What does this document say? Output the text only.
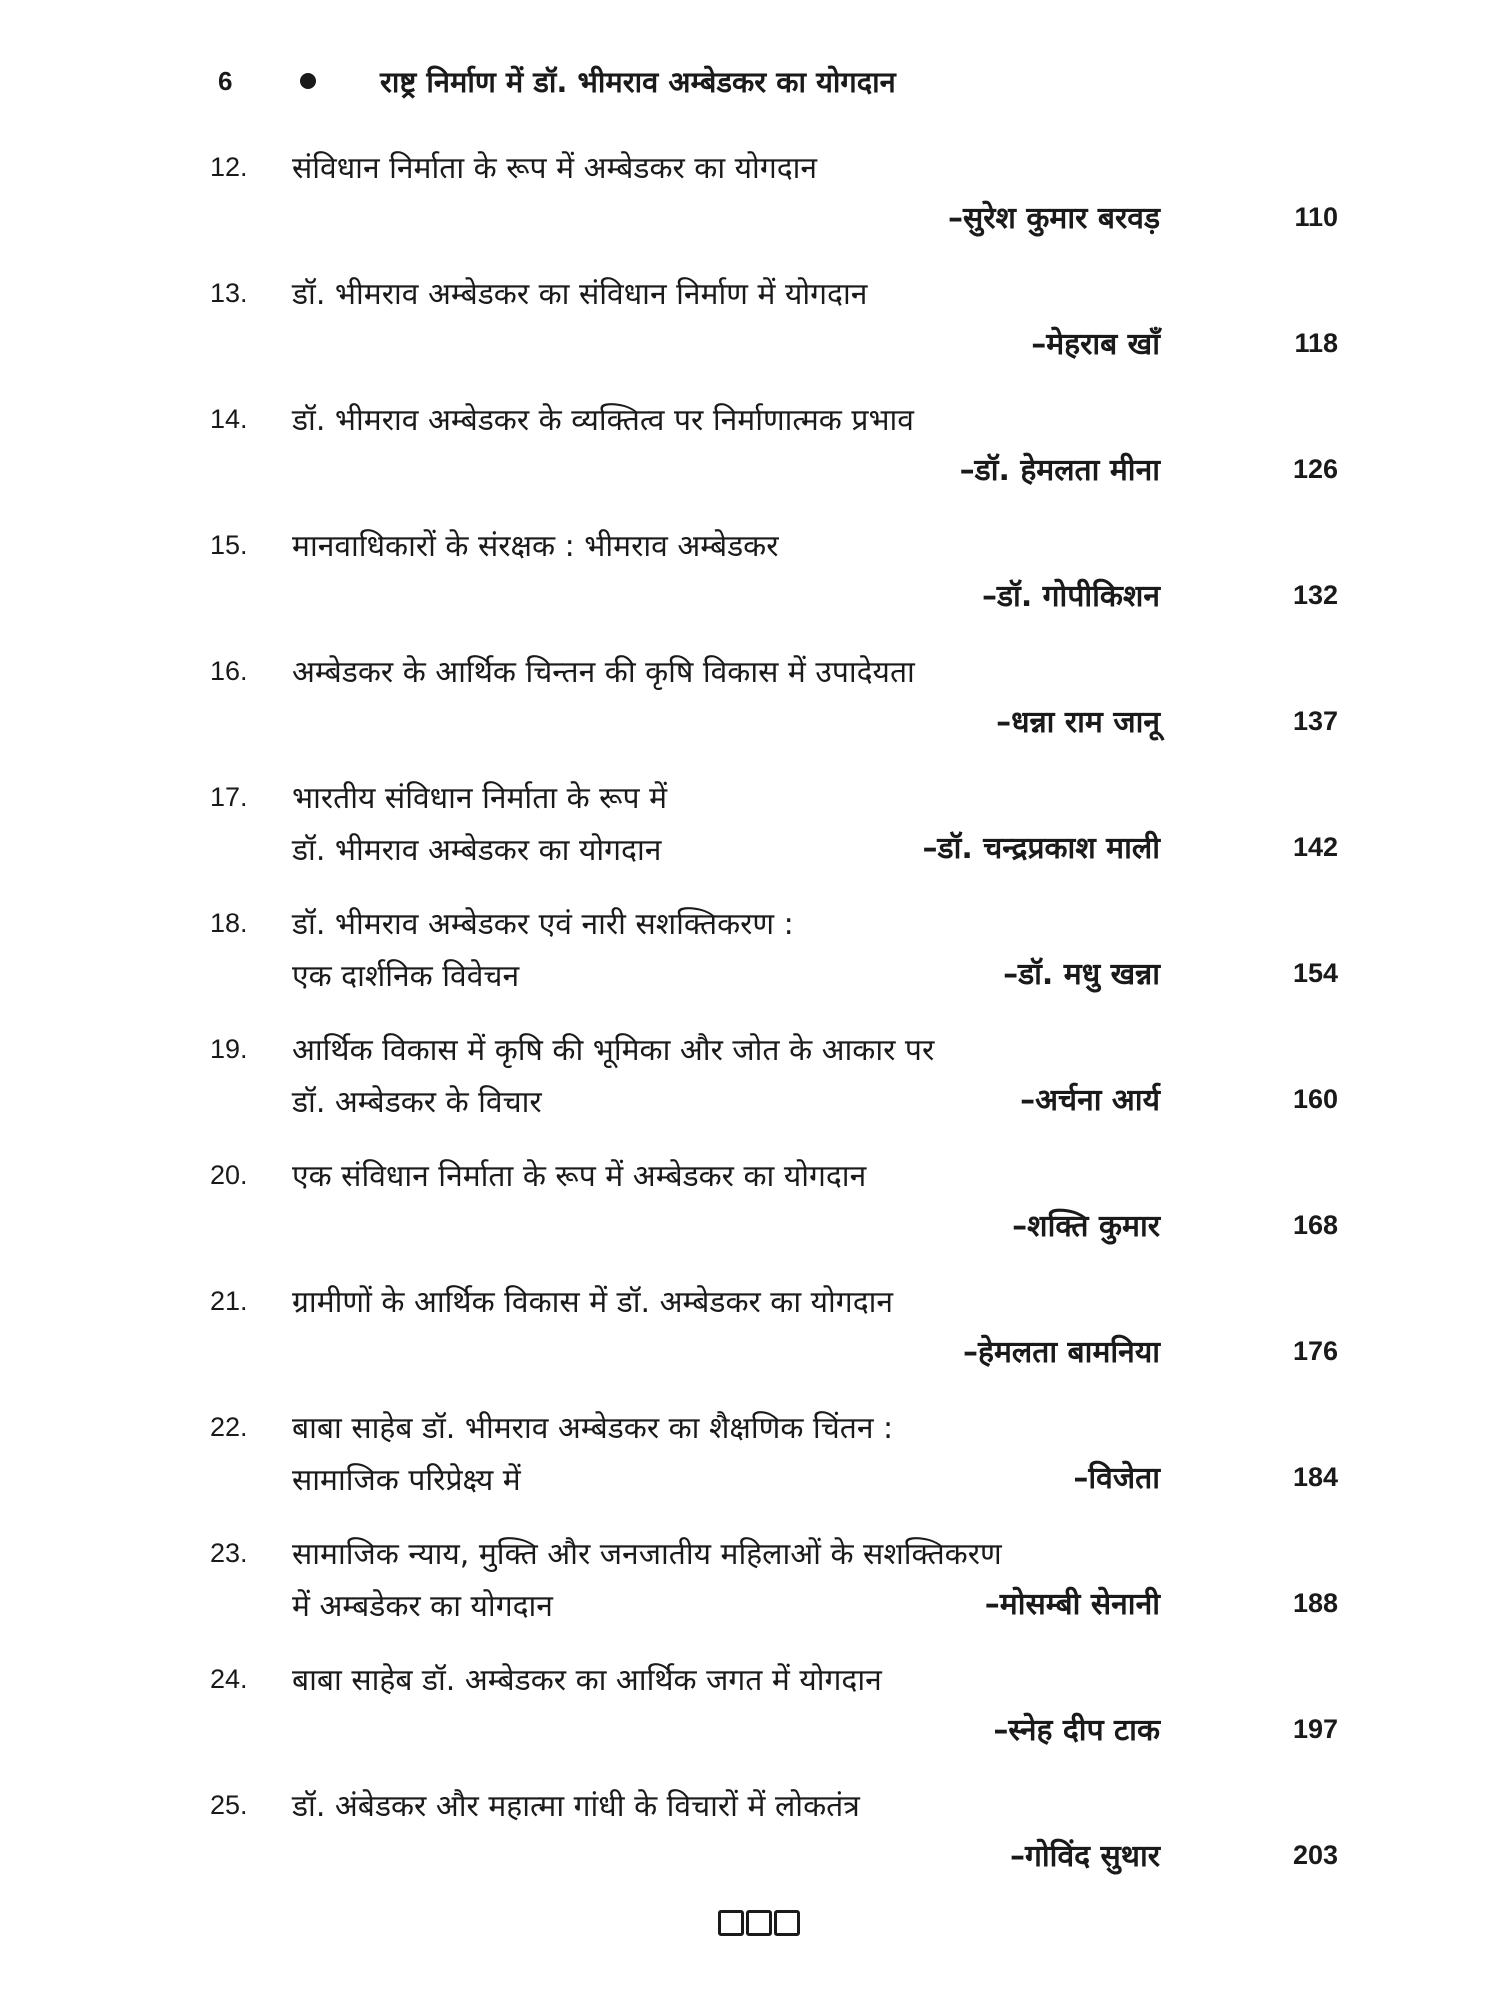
6	राष्ट्र निर्माण में डॉ. भीमराव अम्बेडकर का योगदान
12. संविधान निर्माता के रूप में अम्बेडकर का योगदान
–सुरेश कुमार बरवड़	110
13. डॉ. भीमराव अम्बेडकर का संविधान निर्माण में योगदान
–मेहराब खाँ	118
14. डॉ. भीमराव अम्बेडकर के व्यक्तित्व पर निर्माणात्मक प्रभाव
–डॉ. हेमलता मीना	126
15. मानवाधिकारों के संरक्षक : भीमराव अम्बेडकर
–डॉ. गोपीकिशन	132
16. अम्बेडकर के आर्थिक चिन्तन की कृषि विकास में उपादेयता
–धन्ना राम जानू	137
17. भारतीय संविधान निर्माता के रूप में
डॉ. भीमराव अम्बेडकर का योगदान	–डॉ. चन्द्रप्रकाश माली	142
18. डॉ. भीमराव अम्बेडकर एवं नारी सशक्तिकरण :
एक दार्शनिक विवेचन	–डॉ. मधु खन्ना	154
19. आर्थिक विकास में कृषि की भूमिका और जोत के आकार पर
डॉ. अम्बेडकर के विचार	–अर्चना आर्य	160
20. एक संविधान निर्माता के रूप में अम्बेडकर का योगदान
–शक्ति कुमार	168
21. ग्रामीणों के आर्थिक विकास में डॉ. अम्बेडकर का योगदान
–हेमलता बामनिया	176
22. बाबा साहेब डॉ. भीमराव अम्बेडकर का शैक्षणिक चिंतन :
सामाजिक परिप्रेक्ष्य में	–विजेता	184
23. सामाजिक न्याय, मुक्ति और जनजातीय महिलाओं के सशक्तिकरण
में अम्बडेकर का योगदान	–मोसम्बी सेनानी	188
24. बाबा साहेब डॉ. अम्बेडकर का आर्थिक जगत में योगदान
–स्नेह दीप टाक	197
25. डॉ. अंबेडकर और महात्मा गांधी के विचारों में लोकतंत्र
–गोविंद सुथार	203
